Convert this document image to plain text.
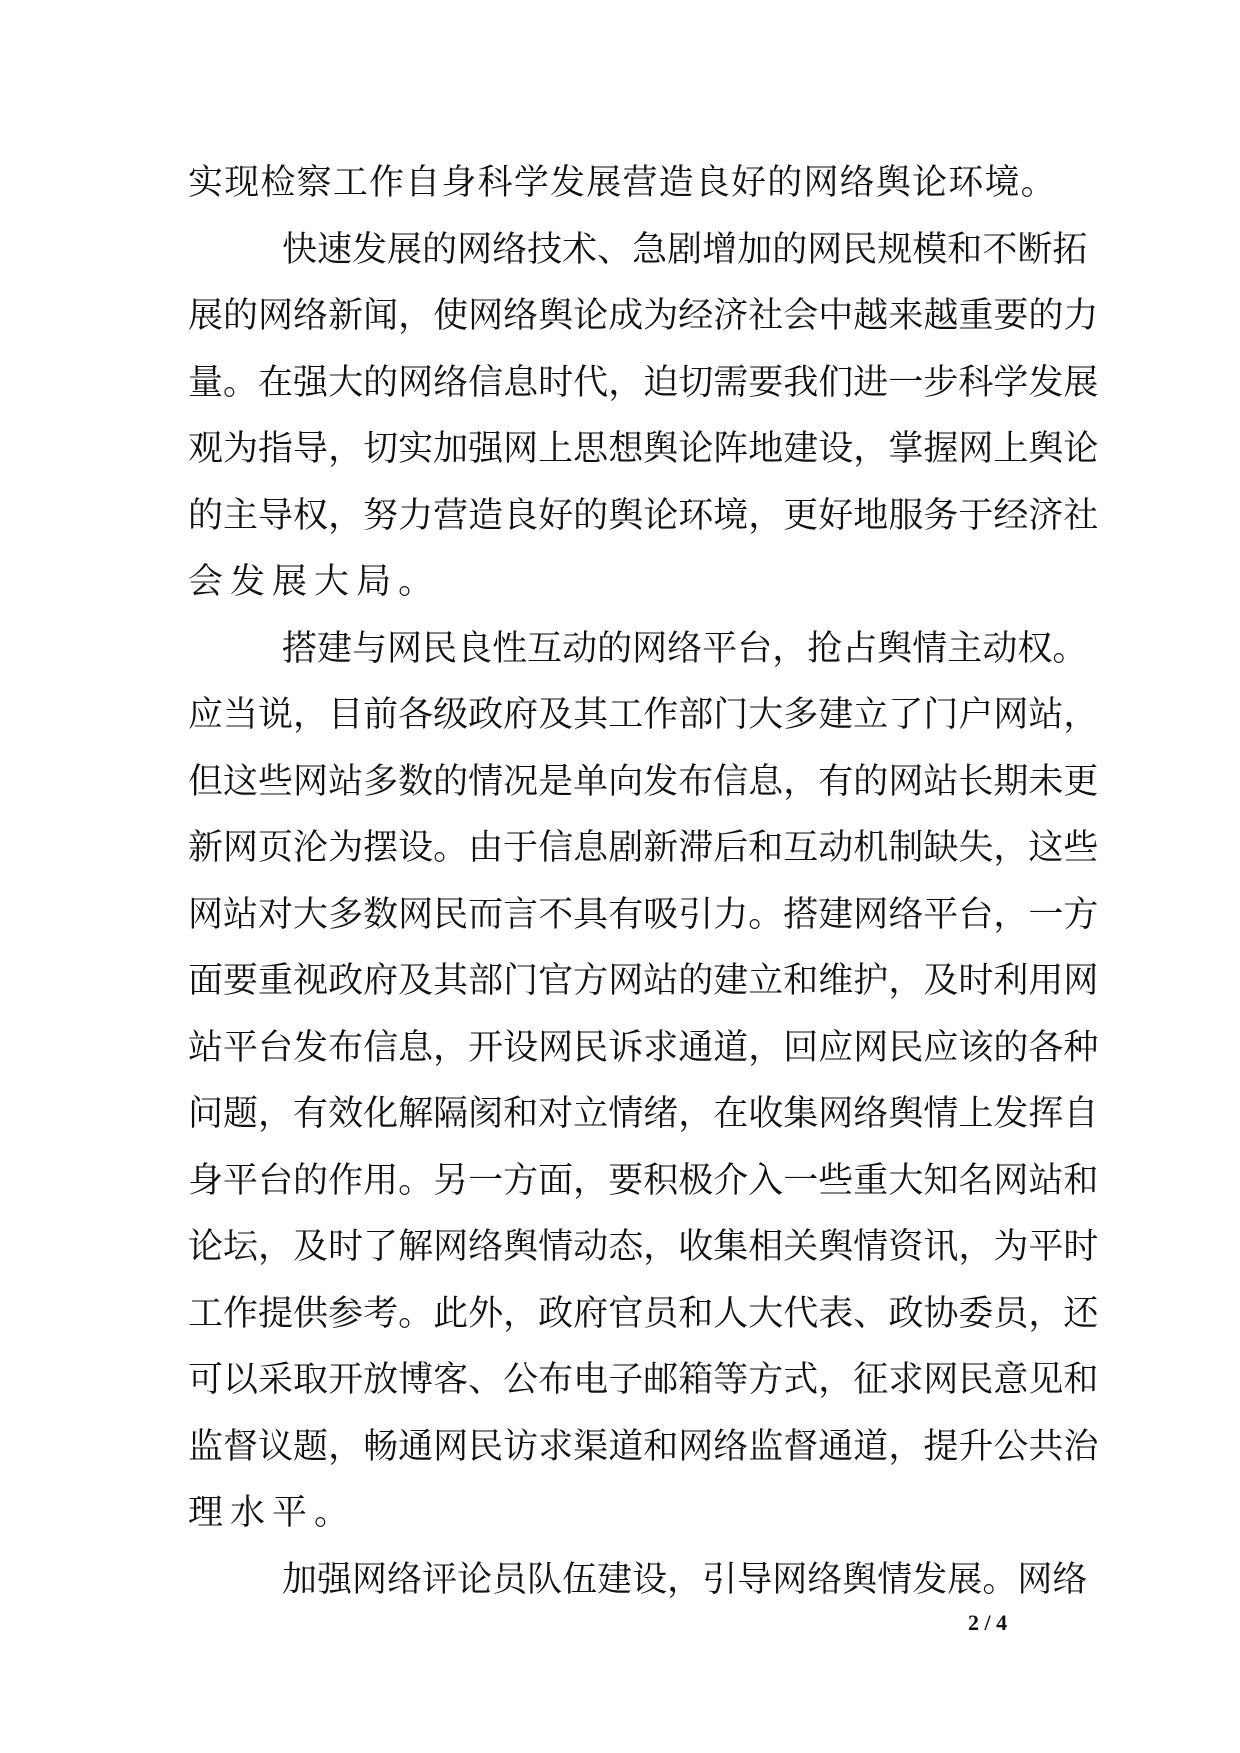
实 现 检 察 工 作 自 身 科 学 发 展 营 造 良 好 的 网 络 舆 论 环 境 。
快 速 发 展 的 网 络 技 术 、 急 剧 增 加 的 网 民 规 模 和 不 断 拓
展 的 网 络 新 闻 ， 使 网 络 舆 论 成 为 经 济 社 会 中 越 来 越 重 要 的 力
量 。 在 强 大 的 网 络 信 息 时 代 ， 迫 切 需 要 我 们 进 一 步 科 学 发 展
观 为 指 导 ， 切 实 加 强 网 上 思 想 舆 论 阵 地 建 设 ， 掌 握 网 上 舆 论
的 主 导 权 ， 努 力 营 造 良 好 的 舆 论 环 境 ， 更 好 地 服 务 于 经 济 社
会 发 展 大 局 。
搭 建 与 网 民 良 性 互 动 的 网 络 平 台 ， 抢 占 舆 情 主 动 权 。
应 当 说 ， 目 前 各 级 政 府 及 其 工 作 部 门 大 多 建 立 了 门 户 网 站 ，
但 这 些 网 站 多 数 的 情 况 是 单 向 发 布 信 息 ， 有 的 网 站 长 期 未 更
新 网 页 沦 为 摆 设 。 由 于 信 息 剧 新 滞 后 和 互 动 机 制 缺 失 ， 这 些
网 站 对 大 多 数 网 民 而 言 不 具 有 吸 引 力 。 搭 建 网 络 平 台 ， 一 方
面 要 重 视 政 府 及 其 部 门 官 方 网 站 的 建 立 和 维 护 ， 及 时 利 用 网
站 平 台 发 布 信 息 ， 开 设 网 民 诉 求 通 道 ， 回 应 网 民 应 该 的 各 种
问 题 ， 有 效 化 解 隔 阂 和 对 立 情 绪 ， 在 收 集 网 络 舆 情 上 发 挥 自
身 平 台 的 作 用 。 另 一 方 面 ， 要 积 极 介 入 一 些 重 大 知 名 网 站 和
论 坛 ， 及 时 了 解 网 络 舆 情 动 态 ， 收 集 相 关 舆 情 资 讯 ， 为 平 时
工 作 提 供 参 考 。 此 外 ， 政 府 官 员 和 人 大 代 表 、 政 协 委 员 ， 还
可 以 采 取 开 放 博 客 、 公 布 电 子 邮 箱 等 方 式 ， 征 求 网 民 意 见 和
监 督 议 题 ， 畅 通 网 民 访 求 渠 道 和 网 络 监 督 通 道 ， 提 升 公 共 治
理 水 平 。
加 强 网 络 评 论 员 队 伍 建 设 ， 引 导 网 络 舆 情 发 展 。 网 络
2 / 4
